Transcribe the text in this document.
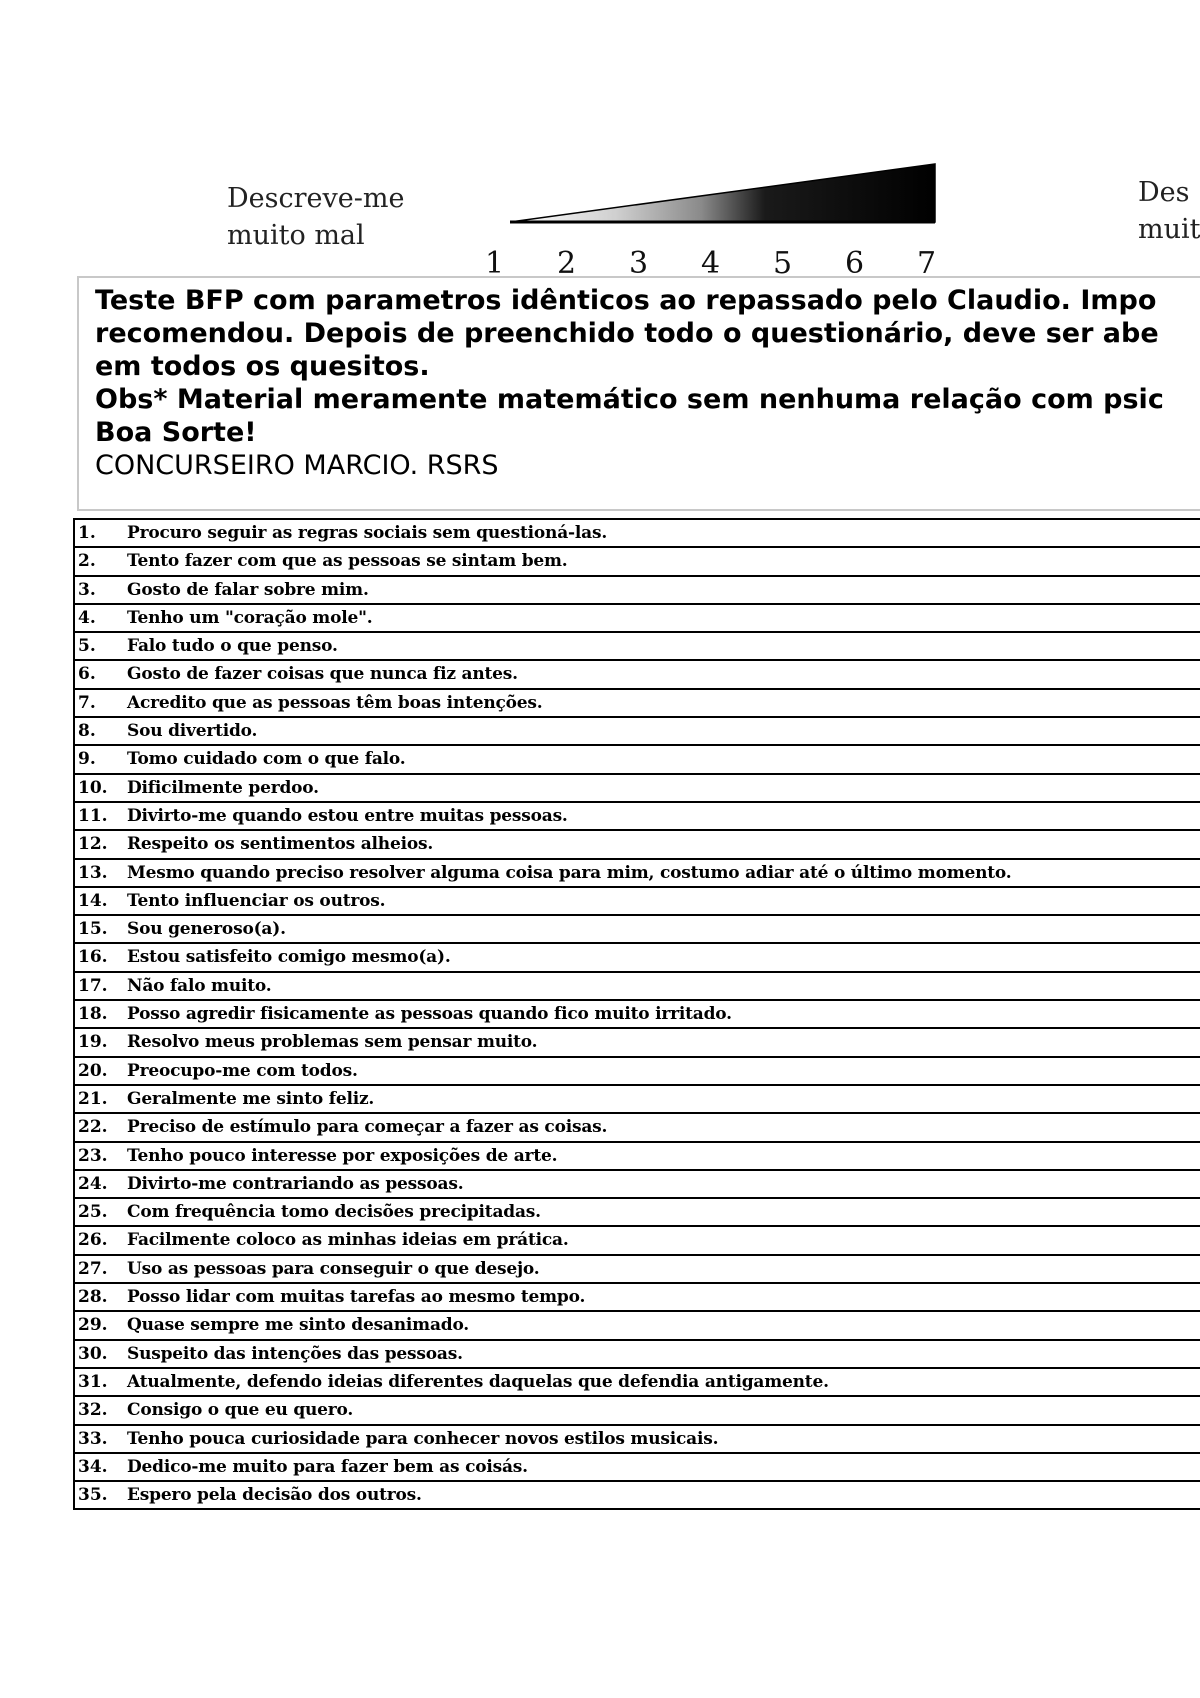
Descreve-me
muito mal
1 2 3 4 5 6 7
Des
muit
Teste BFP com parametros idênticos ao repassado pelo Claudio. Impo
recomendou. Depois de preenchido todo o questionário, deve ser abe
em todos os quesitos.
Obs* Material meramente matemático sem nenhuma relação com psic
Boa Sorte!
CONCURSEIRO MARCIO. RSRS
1. Procuro seguir as regras sociais sem questioná-las.
2. Tento fazer com que as pessoas se sintam bem.
3. Gosto de falar sobre mim.
4. Tenho um "coração mole".
5. Falo tudo o que penso.
6. Gosto de fazer coisas que nunca fiz antes.
7. Acredito que as pessoas têm boas intenções.
8. Sou divertido.
9. Tomo cuidado com o que falo.
10. Dificilmente perdoo.
11. Divirto-me quando estou entre muitas pessoas.
12. Respeito os sentimentos alheios.
13. Mesmo quando preciso resolver alguma coisa para mim, costumo adiar até o último momento.
14. Tento influenciar os outros.
15. Sou generoso(a).
16. Estou satisfeito comigo mesmo(a).
17. Não falo muito.
18. Posso agredir fisicamente as pessoas quando fico muito irritado.
19. Resolvo meus problemas sem pensar muito.
20. Preocupo-me com todos.
21. Geralmente me sinto feliz.
22. Preciso de estímulo para começar a fazer as coisas.
23. Tenho pouco interesse por exposições de arte.
24. Divirto-me contrariando as pessoas.
25. Com frequência tomo decisões precipitadas.
26. Facilmente coloco as minhas ideias em prática.
27. Uso as pessoas para conseguir o que desejo.
28. Posso lidar com muitas tarefas ao mesmo tempo.
29. Quase sempre me sinto desanimado.
30. Suspeito das intenções das pessoas.
31. Atualmente, defendo ideias diferentes daquelas que defendia antigamente.
32. Consigo o que eu quero.
33. Tenho pouca curiosidade para conhecer novos estilos musicais.
34. Dedico-me muito para fazer bem as coisás.
35. Espero pela decisão dos outros.
